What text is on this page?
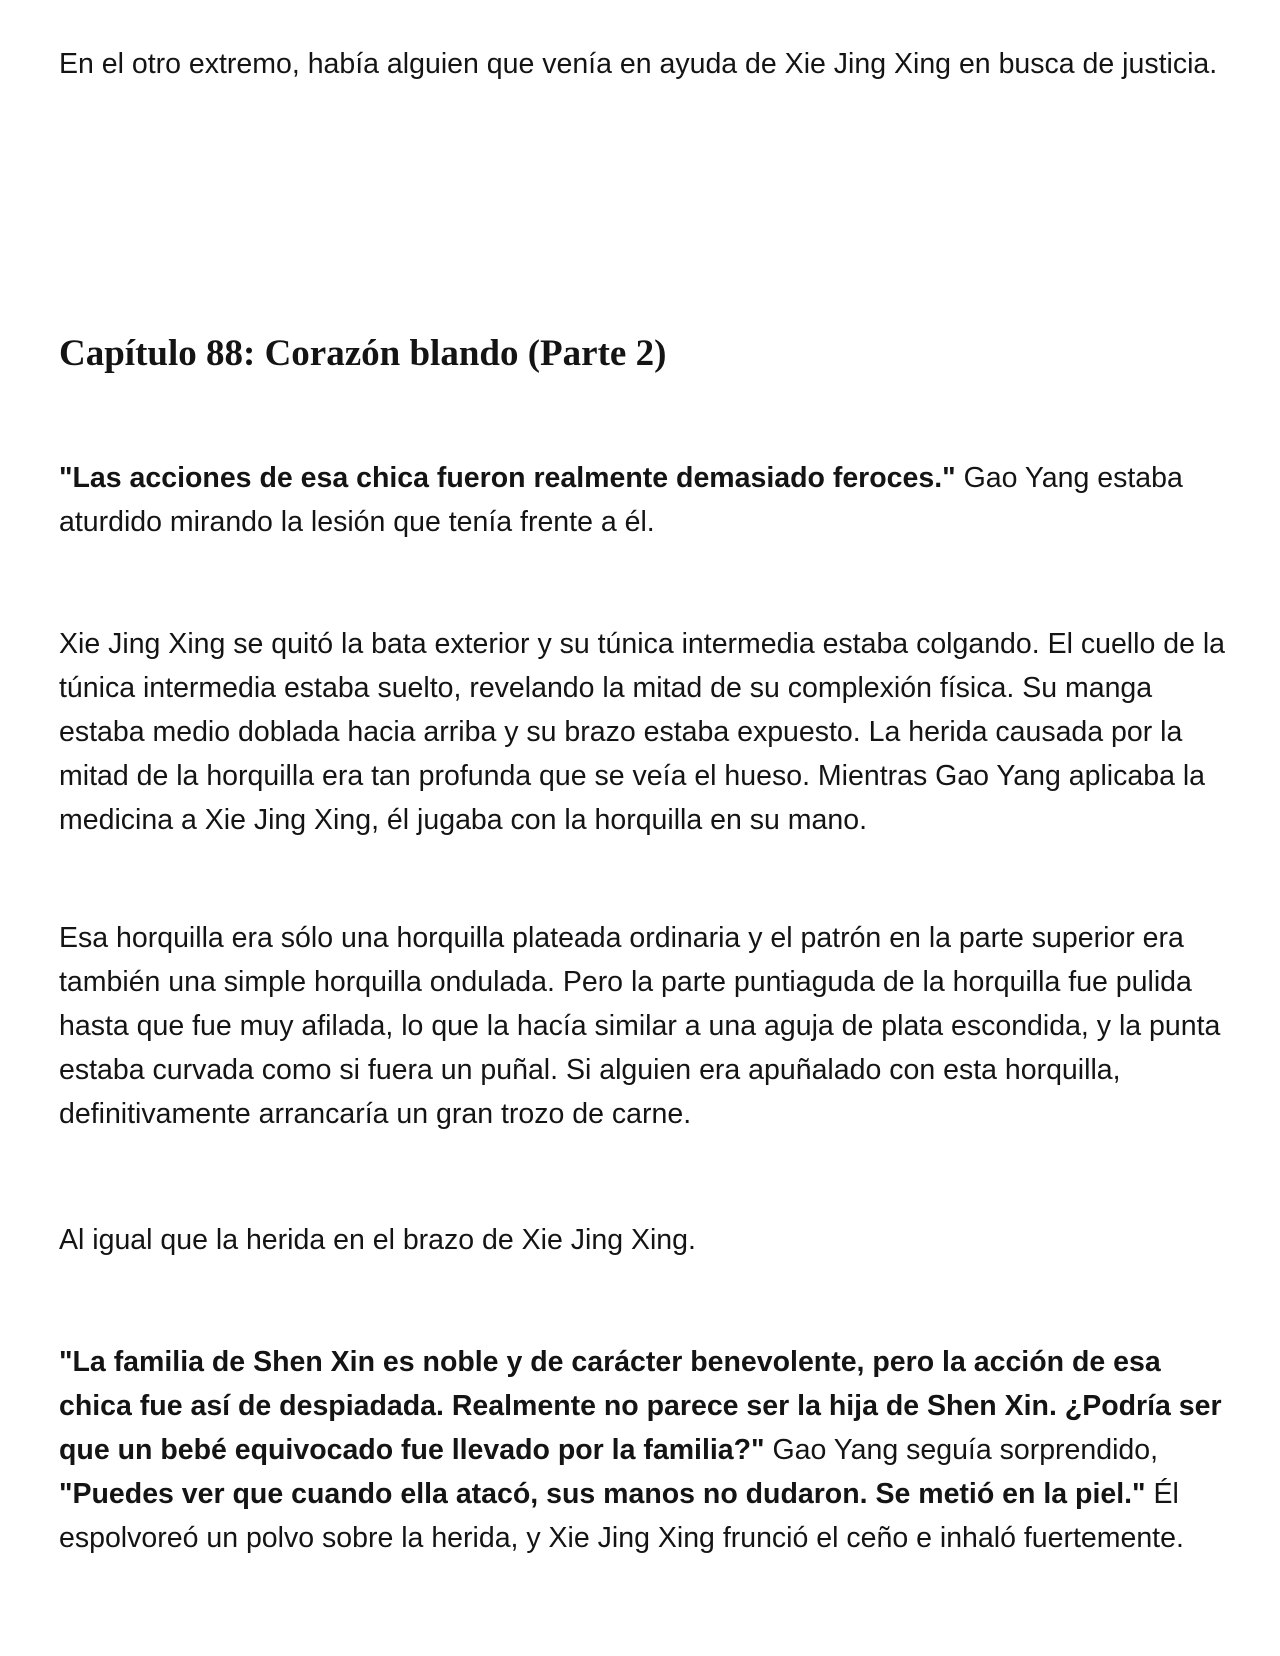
En el otro extremo, había alguien que venía en ayuda de Xie Jing Xing en busca de justicia.

Capítulo 88: Corazón blando (Parte 2)

"Las acciones de esa chica fueron realmente demasiado feroces." Gao Yang estaba aturdido mirando la lesión que tenía frente a él.

Xie Jing Xing se quitó la bata exterior y su túnica intermedia estaba colgando. El cuello de la túnica intermedia estaba suelto, revelando la mitad de su complexión física. Su manga estaba medio doblada hacia arriba y su brazo estaba expuesto. La herida causada por la mitad de la horquilla era tan profunda que se veía el hueso. Mientras Gao Yang aplicaba la medicina a Xie Jing Xing, él jugaba con la horquilla en su mano.

Esa horquilla era sólo una horquilla plateada ordinaria y el patrón en la parte superior era también una simple horquilla ondulada. Pero la parte puntiaguda de la horquilla fue pulida hasta que fue muy afilada, lo que la hacía similar a una aguja de plata escondida, y la punta estaba curvada como si fuera un puñal. Si alguien era apuñalado con esta horquilla, definitivamente arrancaría un gran trozo de carne.

Al igual que la herida en el brazo de Xie Jing Xing.

"La familia de Shen Xin es noble y de carácter benevolente, pero la acción de esa chica fue así de despiadada. Realmente no parece ser la hija de Shen Xin. ¿Podría ser que un bebé equivocado fue llevado por la familia?" Gao Yang seguía sorprendido, "Puedes ver que cuando ella atacó, sus manos no dudaron. Se metió en la piel." Él espolvoreó un polvo sobre la herida, y Xie Jing Xing frunció el ceño e inhaló fuertemente.
